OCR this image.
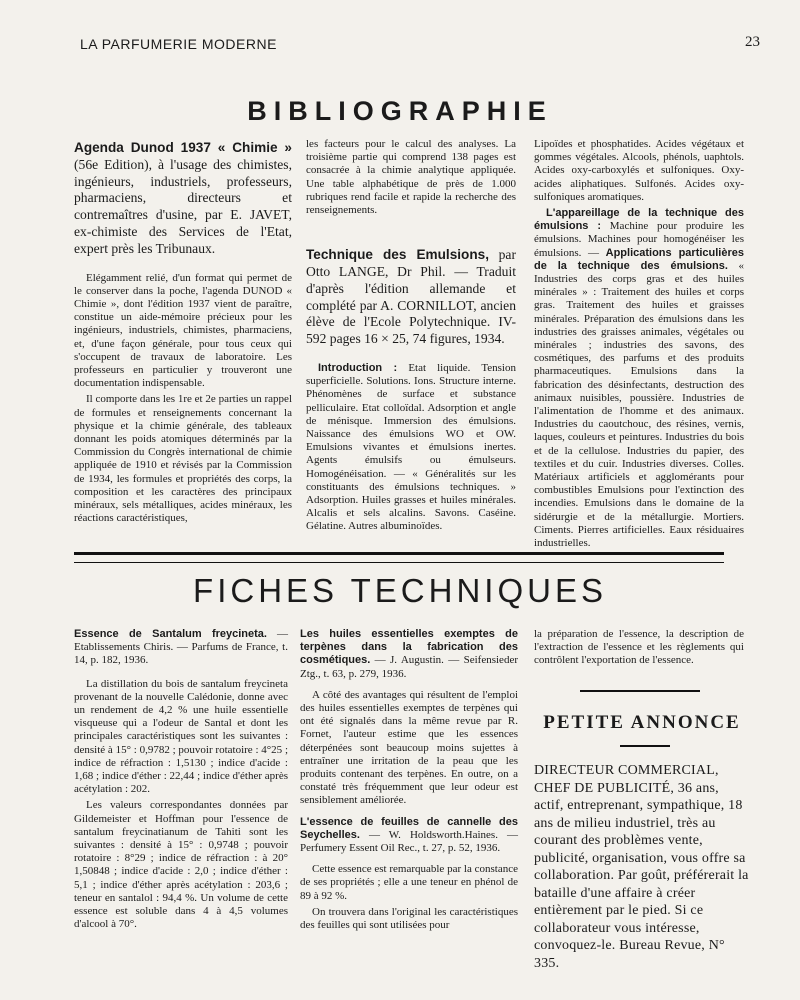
LA PARFUMERIE MODERNE	23
BIBLIOGRAPHIE

Agenda Dunod 1937 « Chimie » (56e Edition), à l'usage des chimistes, ingénieurs, industriels, professeurs, pharmaciens, directeurs et contremaîtres d'usine, par E. JAVET, ex-chimiste des Services de l'Etat, expert près les Tribunaux.

Elégamment relié, d'un format qui permet de le conserver dans la poche, l'agenda DUNOD « Chimie », dont l'édition 1937 vient de paraître, constitue un aide-mémoire précieux pour les ingénieurs, industriels, chimistes, pharmaciens, et, d'une façon générale, pour tous ceux qui s'occupent de travaux de laboratoire. Les professeurs en particulier y trouveront une documentation indispensable.

Il comporte dans les 1re et 2e parties un rappel de formules et renseignements concernant la physique et la chimie générale, des tableaux donnant les poids atomiques déterminés par la Commission du Congrès international de chimie appliquée de 1910 et révisés par la Commission de 1934, les formules et propriétés des corps, la composition et les caractères des principaux minéraux, sels métalliques, acides minéraux, les réactions caractéristiques,

les facteurs pour le calcul des analyses. La troisième partie qui comprend 138 pages est consacrée à la chimie analytique appliquée. Une table alphabétique de près de 1.000 rubriques rend facile et rapide la recherche des renseignements.

Technique des Emulsions, par Otto LANGE, Dr Phil. — Traduit d'après l'édition allemande et complété par A. CORNILLOT, ancien élève de l'Ecole Polytechnique. IV-592 pages 16 × 25, 74 figures, 1934.

Introduction : Etat liquide. Tension superficielle. Solutions. Ions. Structure interne. Phénomènes de surface et substance pelliculaire. Etat colloïdal. Adsorption et angle de ménisque. Immersion des émulsions. Naissance des émulsions WO et OW. Emulsions vivantes et émulsions inertes. Agents émulsifs ou émulseurs. Homogénéisation. — « Généralités sur les constituants des émulsions techniques. » Adsorption. Huiles grasses et huiles minérales. Alcalis et sels alcalins. Savons. Caséine. Gélatine. Autres albuminoïdes.

Lipoïdes et phosphatides. Acides végétaux et gommes végétales. Alcools, phénols, uaphtols. Acides oxy-carboxylés et sulfoniques. Oxy-acides aliphatiques. Sulfonés. Acides oxy-sulfoniques aromatiques.

L'appareillage de la technique des émulsions : Machine pour produire les émulsions. Machines pour homogénéiser les émulsions. — Applications particulières de la technique des émulsions. « Industries des corps gras et des huiles minérales » : Traitement des huiles et corps gras. Traitement des huiles et graisses minérales. Préparation des émulsions dans les industries des graisses animales, végétales ou minérales ; industries des savons, des cosmétiques, des parfums et des produits pharmaceutiques. Emulsions dans la fabrication des désinfectants, destruction des animaux nuisibles, poussière. Industries de l'alimentation de l'homme et des animaux. Industries du caoutchouc, des résines, vernis, laques, couleurs et peintures. Industries du bois et de la cellulose. Industries du papier, des textiles et du cuir. Industries diverses. Colles. Matériaux artificiels et agglomérants pour combustibles Emulsions pour l'extinction des incendies. Emulsions dans le domaine de la sidérurgie et de la métallurgie. Mortiers. Ciments. Pierres artificielles. Eaux résiduaires industrielles.

FICHES TECHNIQUES

Essence de Santalum freycineta. — Etablissements Chiris. — Parfums de France, t. 14, p. 182, 1936.

La distillation du bois de santalum freycineta provenant de la nouvelle Calédonie, donne avec un rendement de 4,2 % une huile essentielle visqueuse qui a l'odeur de Santal et dont les principales caractéristiques sont les suivantes : densité à 15° : 0,9782 ; pouvoir rotatoire : 4°25 ; indice de réfraction : 1,5130 ; indice d'acide : 1,68 ; indice d'éther : 22,44 ; indice d'éther après acétylation : 202.

Les valeurs correspondantes données par Gildemeister et Hoffman pour l'essence de santalum freycinatianum de Tahiti sont les suivantes : densité à 15° : 0,9748 ; pouvoir rotatoire : 8°29 ; indice de réfraction : à 20° 1,50848 ; indice d'acide : 2,0 ; indice d'éther : 5,1 ; indice d'éther après acétylation : 203,6 ; teneur en santalol : 94,4 %. Un volume de cette essence est soluble dans 4 à 4,5 volumes d'alcool à 70°.

Les huiles essentielles exemptes de terpènes dans la fabrication des cosmétiques. — J. Augustin. — Seifensieder Ztg., t. 63, p. 279, 1936.

A côté des avantages qui résultent de l'emploi des huiles essentielles exemptes de terpènes qui ont été signalés dans la même revue par R. Fornet, l'auteur estime que les essences déterpénées sont beaucoup moins sujettes à entraîner une irritation de la peau que les produits contenant des terpènes. En outre, on a constaté très fréquemment que leur odeur est sensiblement améliorée.

L'essence de feuilles de cannelle des Seychelles. — W. Holdsworth.Haines. — Perfumery Essent Oil Rec., t. 27, p. 52, 1936.

Cette essence est remarquable par la constance de ses propriétés ; elle a une teneur en phénol de 89 à 92 %.

On trouvera dans l'original les caractéristiques des feuilles qui sont utilisées pour

la préparation de l'essence, la description de l'extraction de l'essence et les règlements qui contrôlent l'exportation de l'essence.

PETITE ANNONCE
DIRECTEUR COMMERCIAL, CHEF DE PUBLICITÉ, 36 ans, actif, entreprenant, sympathique, 18 ans de milieu industriel, très au courant des problèmes vente, publicité, organisation, vous offre sa collaboration. Par goût, préférerait la bataille d'une affaire à créer entièrement par le pied. Si ce collaborateur vous intéresse, convoquez-le. Bureau Revue, N° 335.
